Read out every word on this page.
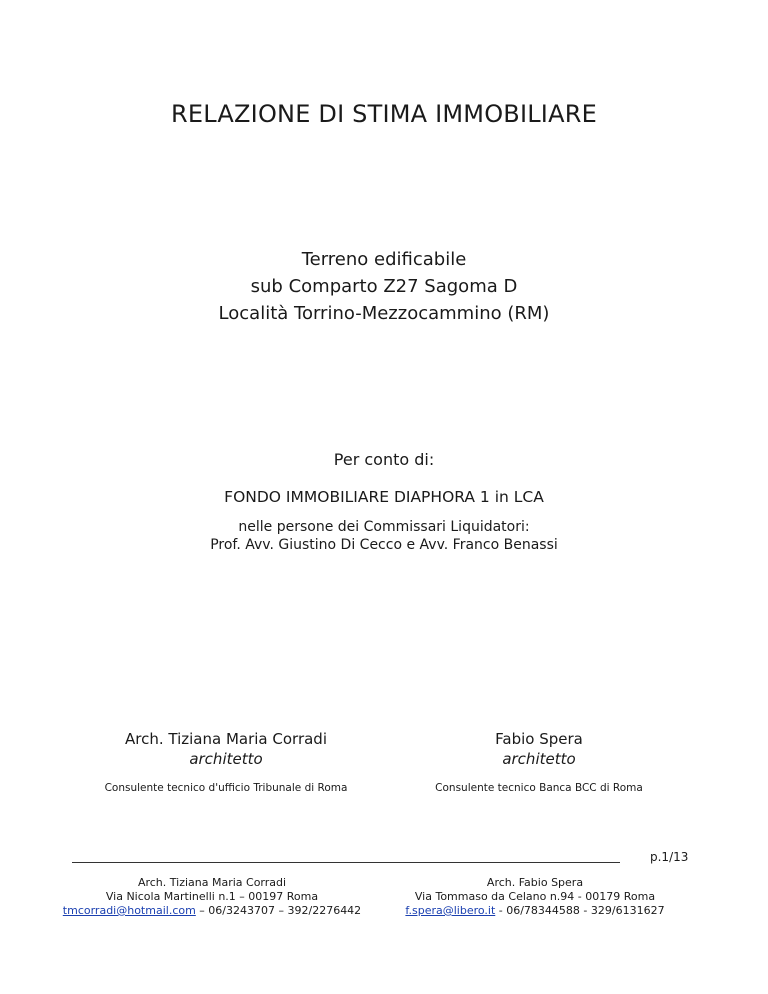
RELAZIONE DI STIMA IMMOBILIARE
Terreno edificabile
sub Comparto Z27 Sagoma D
Località Torrino-Mezzocammino (RM)
Per conto di:
FONDO IMMOBILIARE DIAPHORA 1 in LCA
nelle persone dei Commissari Liquidatori:
Prof. Avv. Giustino Di Cecco e Avv. Franco Benassi
Arch. Tiziana Maria Corradi
architetto
Consulente tecnico d'ufficio Tribunale di Roma
Fabio Spera
architetto
Consulente tecnico Banca BCC di Roma
p.1/13
Arch. Tiziana Maria Corradi
Via Nicola Martinelli n.1 – 00197 Roma
tmcorradi@hotmail.com – 06/3243707 – 392/2276442
Arch. Fabio Spera
Via Tommaso da Celano n.94 - 00179 Roma
f.spera@libero.it - 06/78344588 - 329/6131627
